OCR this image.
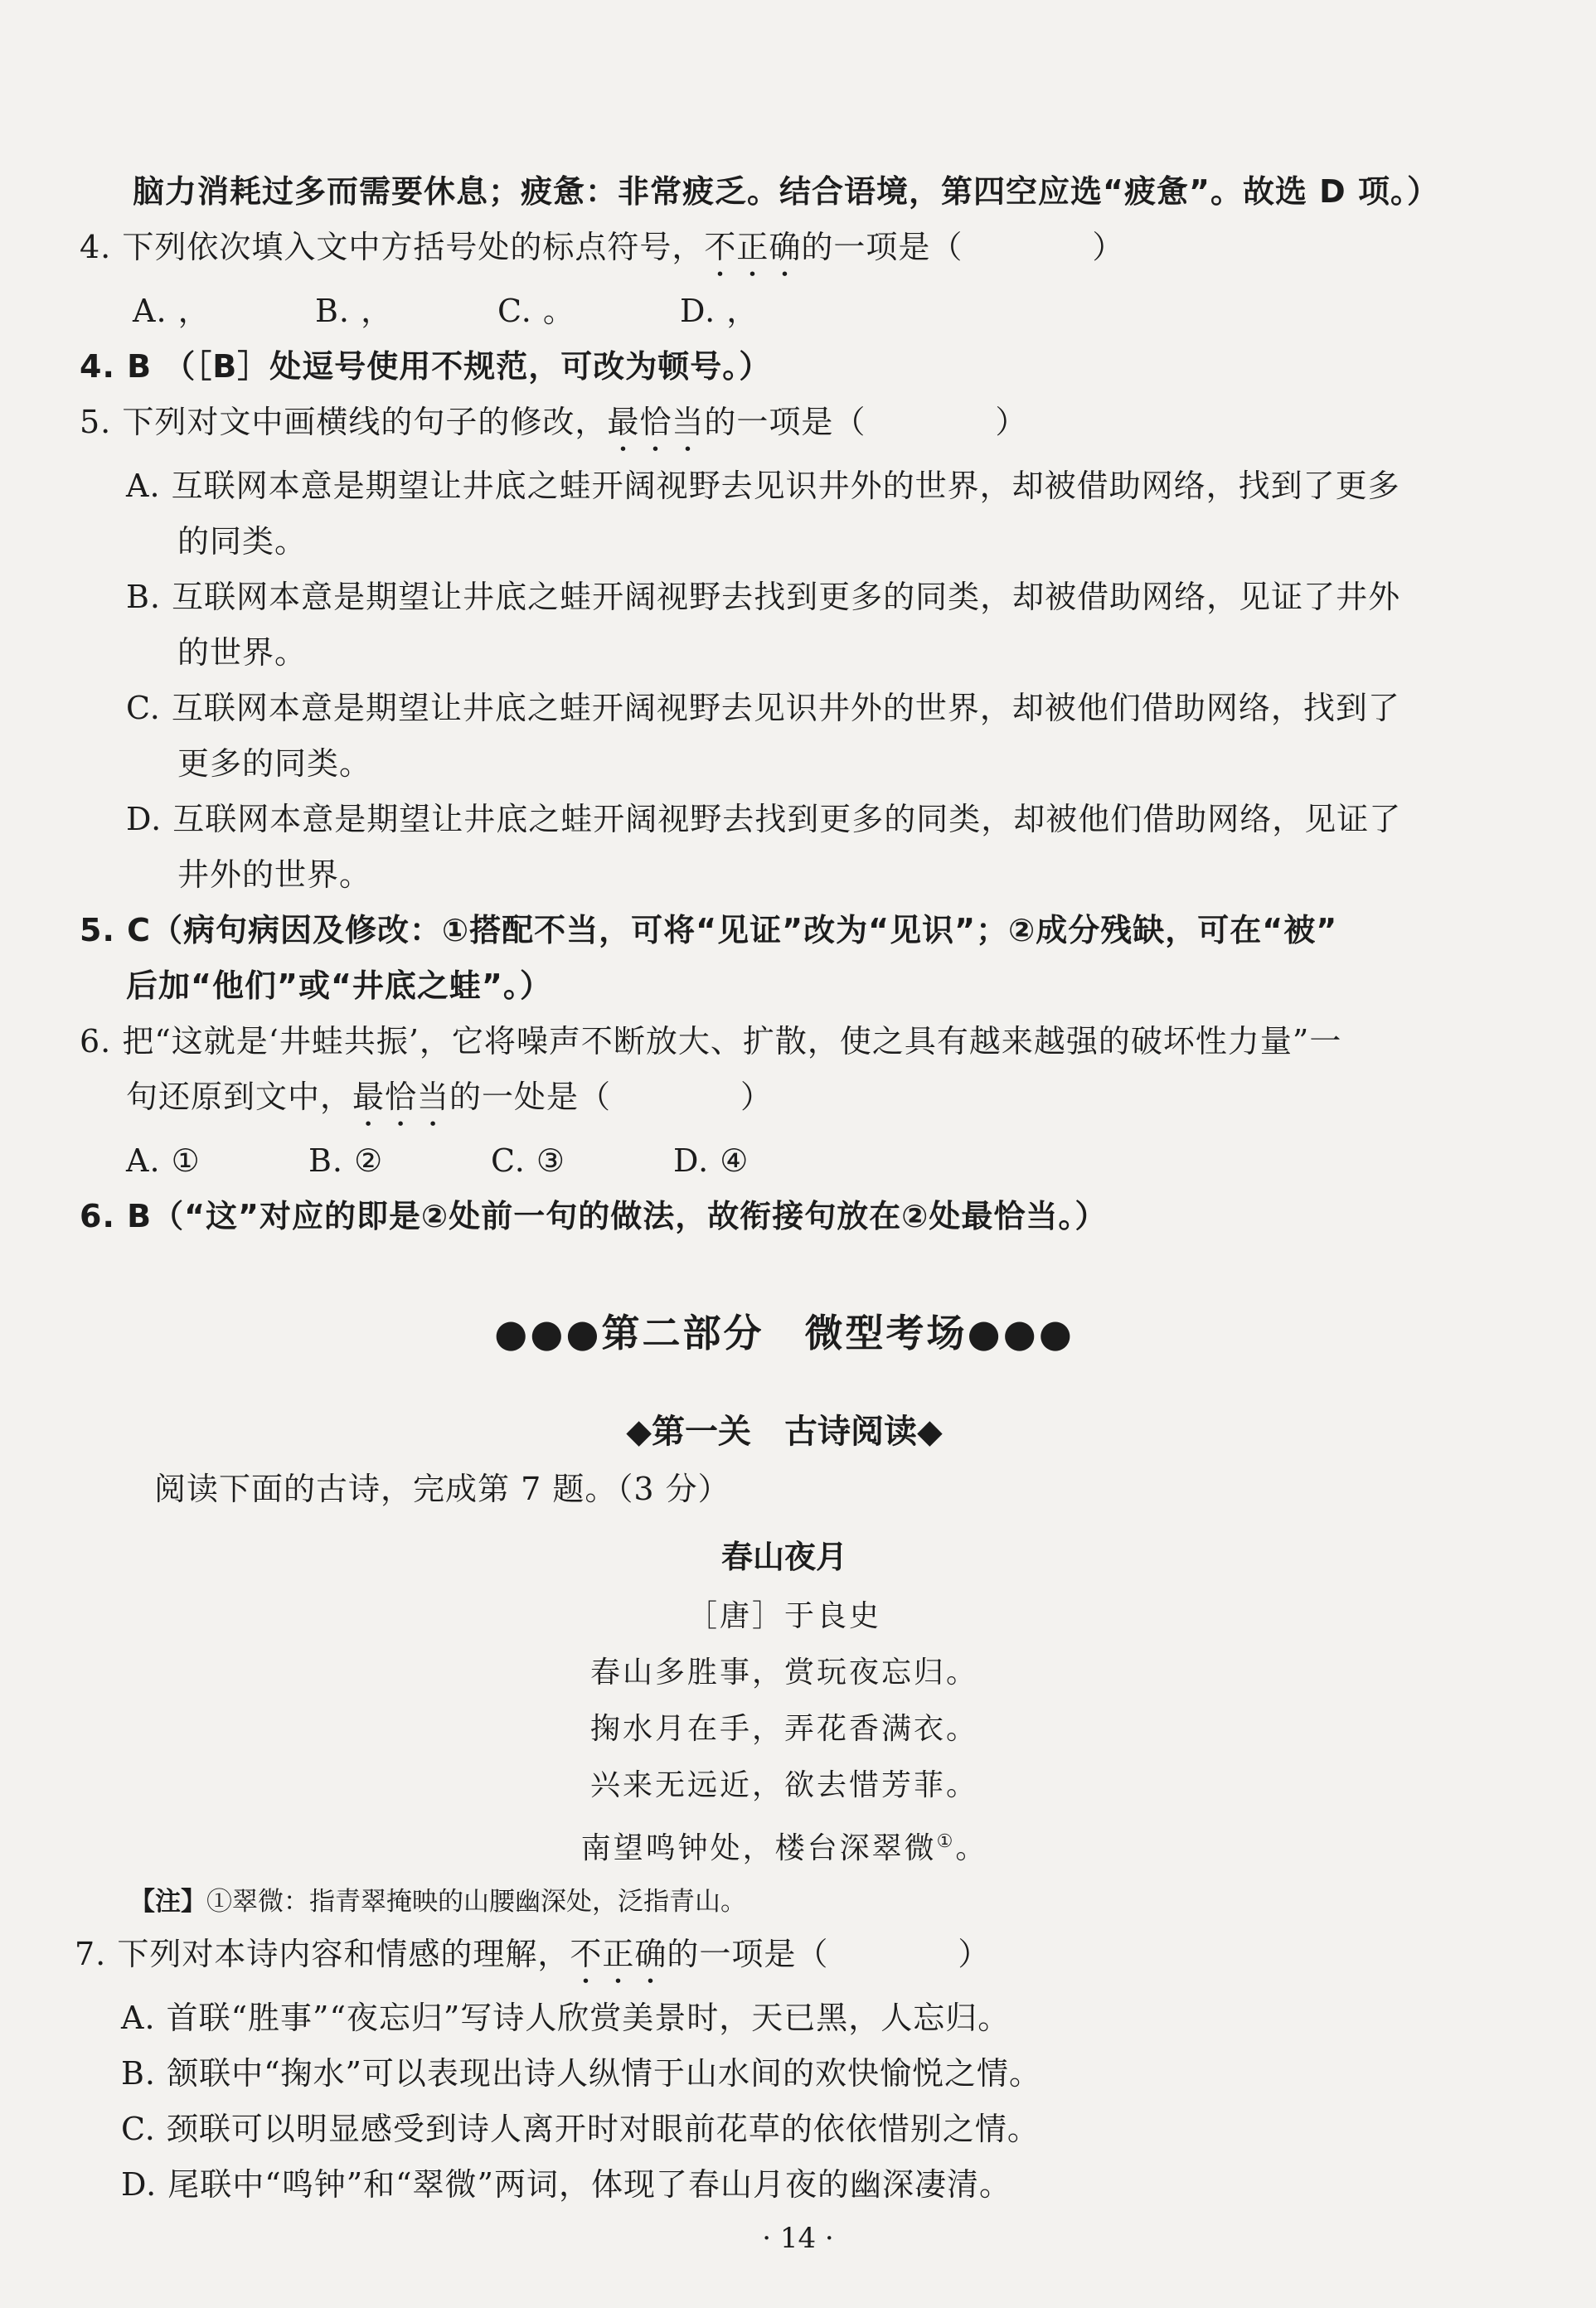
脑力消耗过多而需要休息；疲惫：非常疲乏。结合语境，第四空应选“疲惫”。故选 D 项。）
4. 下列依次填入文中方括号处的标点符号，不正确的一项是（　　　　）
A. ，	B. ，	C. 。	D. ，
4. B （［B］处逗号使用不规范，可改为顿号。）
5. 下列对文中画横线的句子的修改，最恰当的一项是（　　　　）
A. 互联网本意是期望让井底之蛙开阔视野去见识井外的世界，却被借助网络，找到了更多
的同类。
B. 互联网本意是期望让井底之蛙开阔视野去找到更多的同类，却被借助网络，见证了井外
的世界。
C. 互联网本意是期望让井底之蛙开阔视野去见识井外的世界，却被他们借助网络，找到了
更多的同类。
D. 互联网本意是期望让井底之蛙开阔视野去找到更多的同类，却被他们借助网络，见证了
井外的世界。
5. C（病句病因及修改：①搭配不当，可将“见证”改为“见识”；②成分残缺，可在“被”
后加“他们”或“井底之蛙”。）
6. 把“这就是‘井蛙共振’，它将噪声不断放大、扩散，使之具有越来越强的破坏性力量”一
句还原到文中，最恰当的一处是（　　　　）
A. ①	B. ②	C. ③	D. ④
6. B（“这”对应的即是②处前一句的做法，故衔接句放在②处最恰当。）
●●●第二部分　微型考场●●●
◆第一关　古诗阅读◆
阅读下面的古诗，完成第 7 题。（3 分）
春山夜月
［唐］于良史
春山多胜事，赏玩夜忘归。
掬水月在手，弄花香满衣。
兴来无远近，欲去惜芳菲。
南望鸣钟处，楼台深翠微①。
【注】①翠微：指青翠掩映的山腰幽深处，泛指青山。
7. 下列对本诗内容和情感的理解，不正确的一项是（　　　　）
A. 首联“胜事”“夜忘归”写诗人欣赏美景时，天已黑，人忘归。
B. 颔联中“掬水”可以表现出诗人纵情于山水间的欢快愉悦之情。
C. 颈联可以明显感受到诗人离开时对眼前花草的依依惜别之情。
D. 尾联中“鸣钟”和“翠微”两词，体现了春山月夜的幽深凄清。
· 14 ·
